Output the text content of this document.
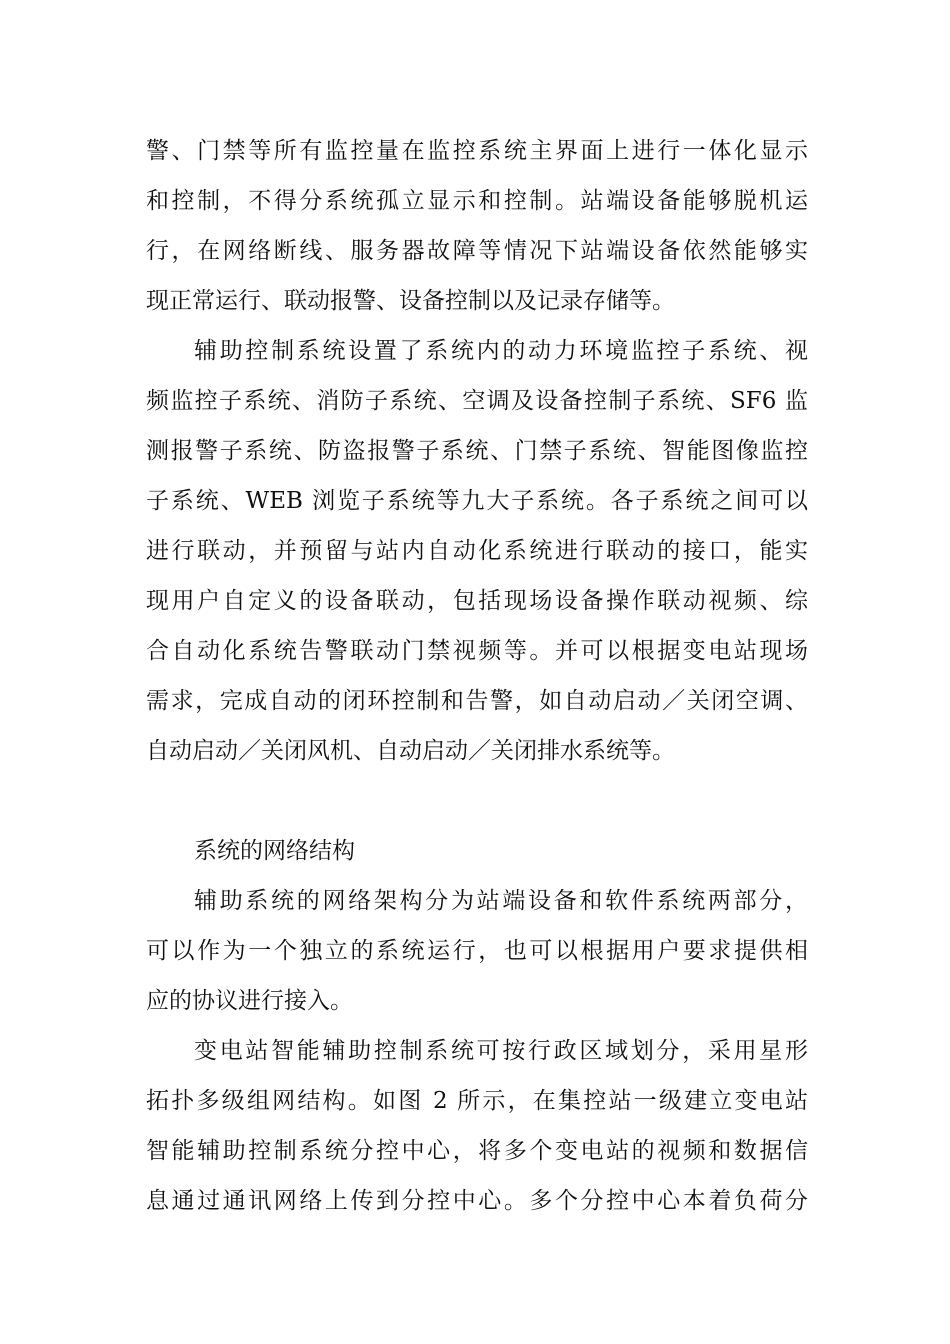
警、门禁等所有监控量在监控系统主界面上进行一体化显示
和控制，不得分系统孤立显示和控制。站端设备能够脱机运
行，在网络断线、服务器故障等情况下站端设备依然能够实
现正常运行、联动报警、设备控制以及记录存储等。
辅助控制系统设置了系统内的动力环境监控子系统、视
频监控子系统、消防子系统、空调及设备控制子系统、SF6 监
测报警子系统、防盗报警子系统、门禁子系统、智能图像监控
子系统、WEB 浏览子系统等九大子系统。各子系统之间可以
进行联动，并预留与站内自动化系统进行联动的接口，能实
现用户自定义的设备联动，包括现场设备操作联动视频、综
合自动化系统告警联动门禁视频等。并可以根据变电站现场
需求，完成自动的闭环控制和告警，如自动启动／关闭空调、
自动启动／关闭风机、自动启动／关闭排水系统等。
系统的网络结构
辅助系统的网络架构分为站端设备和软件系统两部分，
可以作为一个独立的系统运行，也可以根据用户要求提供相
应的协议进行接入。
变电站智能辅助控制系统可按行政区域划分，采用星形
拓扑多级组网结构。如图 2 所示，在集控站一级建立变电站
智能辅助控制系统分控中心，将多个变电站的视频和数据信
息通过通讯网络上传到分控中心。多个分控中心本着负荷分
